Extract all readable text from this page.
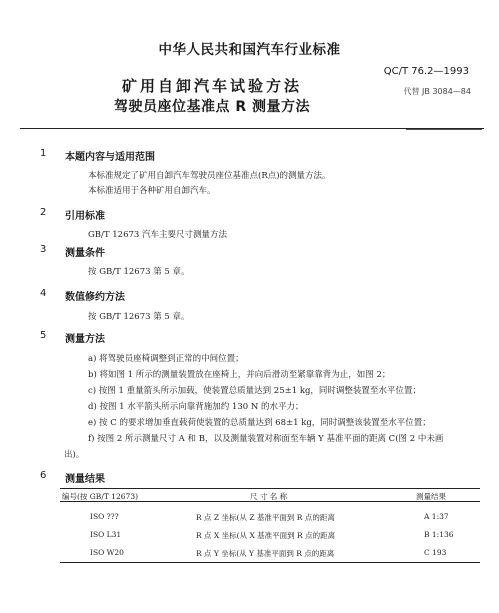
中华人民共和国汽车行业标准
矿用自卸汽车试验方法
驾驶员座位基准点 R 测量方法
QC/T 76.2—1993
代替 JB 3084—84
1 本题内容与适用范围
本标准规定了矿用自卸汽车驾驶员座位基准点(R点)的测量方法。
本标准适用于各种矿用自卸汽车。
2 引用标准
GB/T 12673 汽车主要尺寸测量方法
3 测量条件
按 GB/T 12673 第 5 章。
4 数值修约方法
按 GB/T 12673 第 5 章。
5 测量方法
a) 将驾驶员座椅调整到正常的中间位置；
b) 将如图 1 所示的测量装置放在座椅上，并向后滑动至紧靠靠背为止，如图 2；
c) 按图 1 重量箭头所示加载，使装置总质量达到 25±1 kg，同时调整装置至水平位置；
d) 按图 1 水平箭头所示向靠背施加约 130 N 的水平力；
e) 按 C 的要求增加垂直载荷使装置的总质量达到 68±1 kg，同时调整该装置至水平位置；
f) 按图 2 所示测量尺寸 A 和 B，以及测量装置对称面至车辆 Y 基准平面的距离 C(图 2 中未画
出)。
6 测量结果
编号(按 GB/T 12673)	尺 寸 名 称	测量结果
ISO ???	R 点 Z 坐标(从 Z 基准平面到 R 点的距离	A 1:37
ISO L31	R 点 X 坐标(从 X 基准平面到 R 点的距离	B 1:136
ISO W20	R 点 Y 坐标(从 Y 基准平面到 R 点的距离	C 193
